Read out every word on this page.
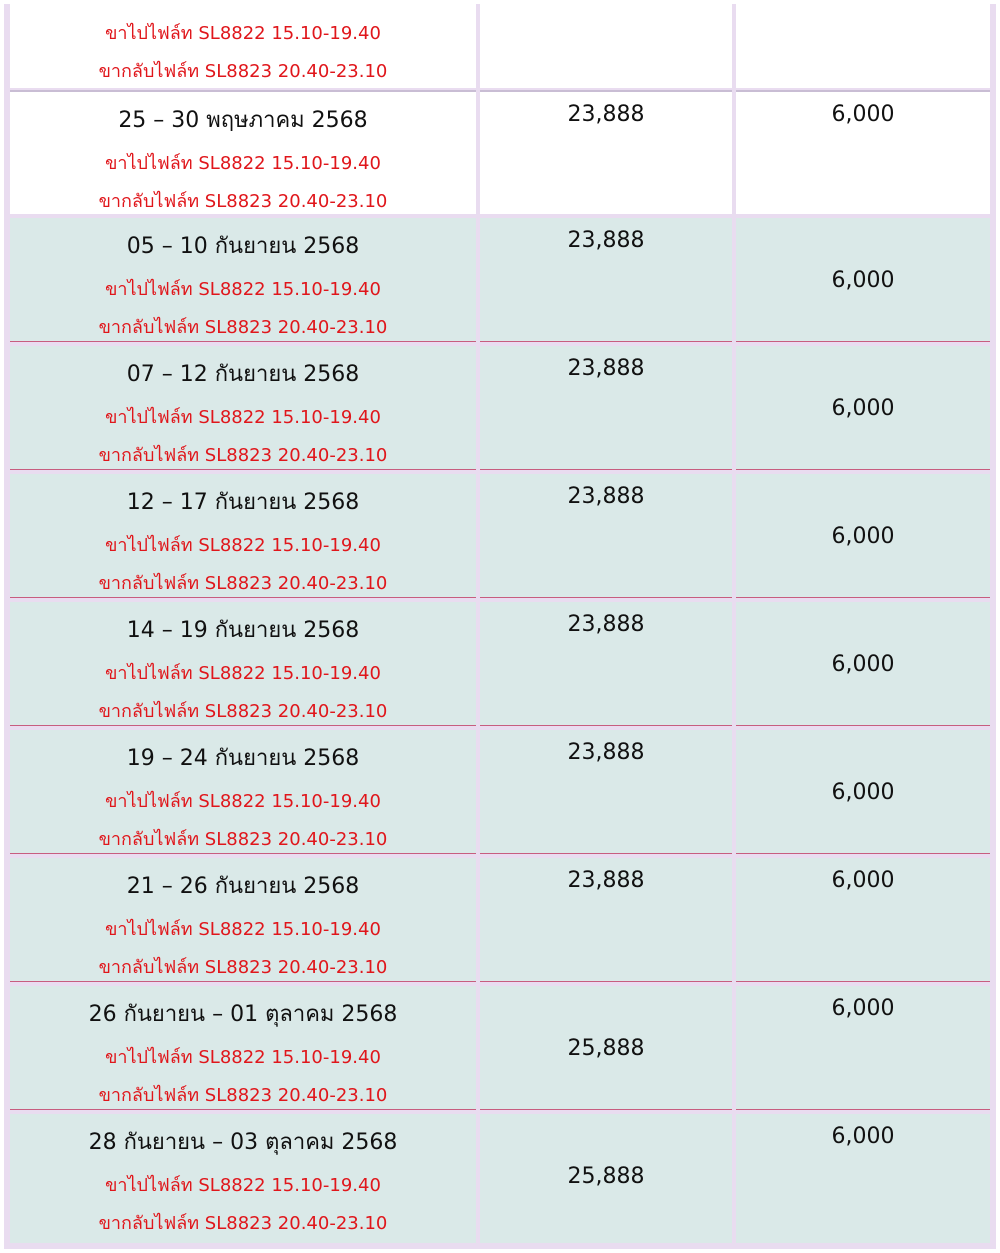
ขาไปไฟล์ท SL8822 15.10-19.40
ขากลับไฟล์ท SL8823 20.40-23.10
25 – 30 พฤษภาคม 2568
ขาไปไฟล์ท SL8822 15.10-19.40
ขากลับไฟล์ท SL8823 20.40-23.10
23,888	6,000
05 – 10 กันยายน 2568
ขาไปไฟล์ท SL8822 15.10-19.40
ขากลับไฟล์ท SL8823 20.40-23.10
23,888
6,000
07 – 12 กันยายน 2568
ขาไปไฟล์ท SL8822 15.10-19.40
ขากลับไฟล์ท SL8823 20.40-23.10
23,888
6,000
12 – 17 กันยายน 2568
ขาไปไฟล์ท SL8822 15.10-19.40
ขากลับไฟล์ท SL8823 20.40-23.10
23,888
6,000
14 – 19 กันยายน 2568
ขาไปไฟล์ท SL8822 15.10-19.40
ขากลับไฟล์ท SL8823 20.40-23.10
23,888
6,000
19 – 24 กันยายน 2568
ขาไปไฟล์ท SL8822 15.10-19.40
ขากลับไฟล์ท SL8823 20.40-23.10
23,888
6,000
21 – 26 กันยายน 2568
ขาไปไฟล์ท SL8822 15.10-19.40
ขากลับไฟล์ท SL8823 20.40-23.10
23,888	6,000
26 กันยายน – 01 ตุลาคม 2568
ขาไปไฟล์ท SL8822 15.10-19.40
ขากลับไฟล์ท SL8823 20.40-23.10
25,888
6,000
28 กันยายน – 03 ตุลาคม 2568
ขาไปไฟล์ท SL8822 15.10-19.40
ขากลับไฟล์ท SL8823 20.40-23.10
25,888
6,000
